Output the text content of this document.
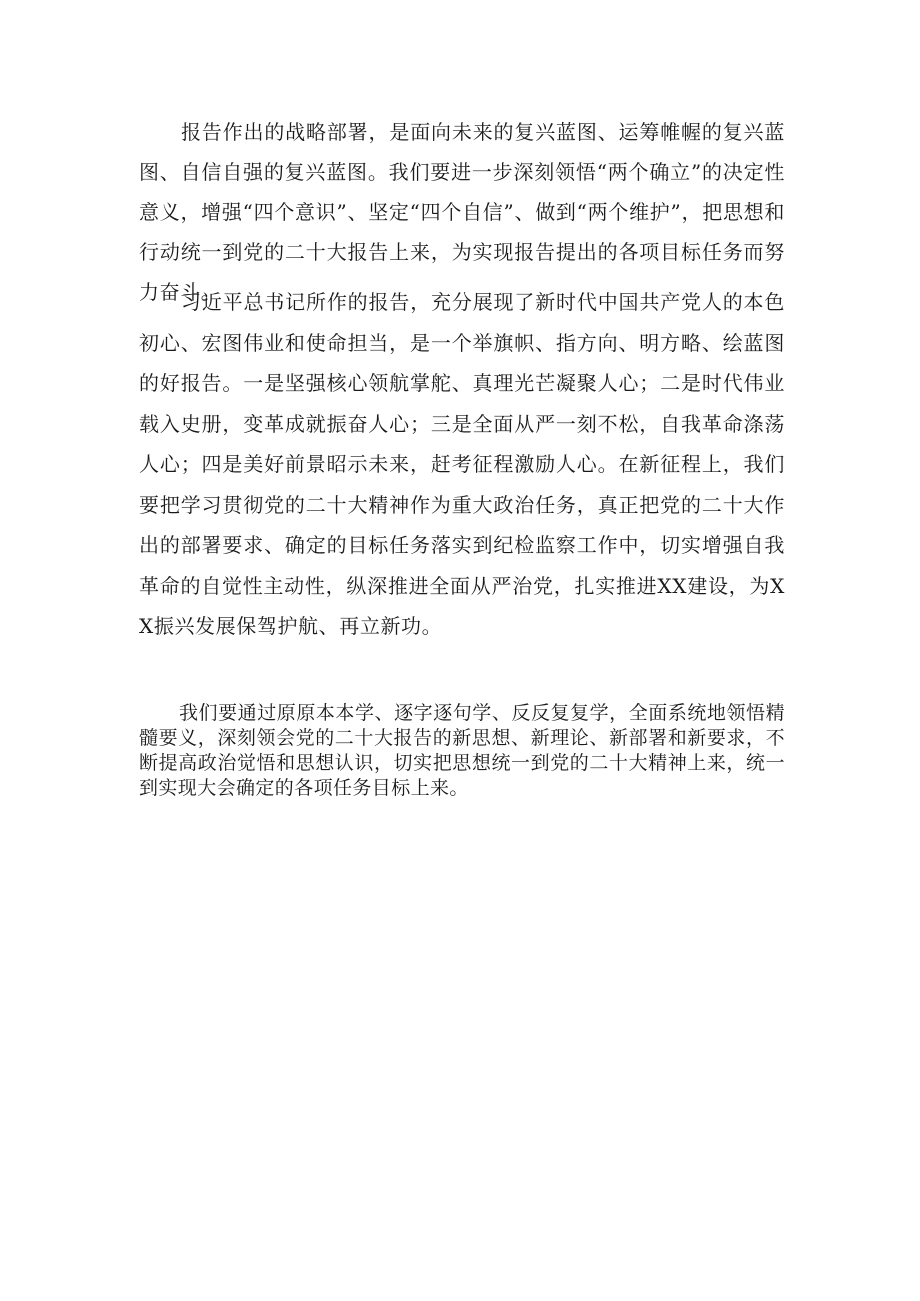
报告作出的战略部署，是面向未来的复兴蓝图、运筹帷幄的复兴蓝图、自信自强的复兴蓝图。我们要进一步深刻领悟“两个确立”的决定性意义，增强“四个意识”、坚定“四个自信”、做到“两个维护”，把思想和行动统一到党的二十大报告上来，为实现报告提出的各项目标任务而努力奋斗。

习近平总书记所作的报告，充分展现了新时代中国共产党人的本色初心、宏图伟业和使命担当，是一个举旗帜、指方向、明方略、绘蓝图的好报告。一是坚强核心领航掌舵、真理光芒凝聚人心；二是时代伟业载入史册，变革成就振奋人心；三是全面从严一刻不松，自我革命涤荡人心；四是美好前景昭示未来，赶考征程激励人心。在新征程上，我们要把学习贯彻党的二十大精神作为重大政治任务，真正把党的二十大作出的部署要求、确定的目标任务落实到纪检监察工作中，切实增强自我革命的自觉性主动性，纵深推进全面从严治党，扎实推进XX建设，为XX振兴发展保驾护航、再立新功。

我们要通过原原本本学、逐字逐句学、反反复复学，全面系统地领悟精髓要义，深刻领会党的二十大报告的新思想、新理论、新部署和新要求，不断提高政治觉悟和思想认识，切实把思想统一到党的二十大精神上来，统一到实现大会确定的各项任务目标上来。
